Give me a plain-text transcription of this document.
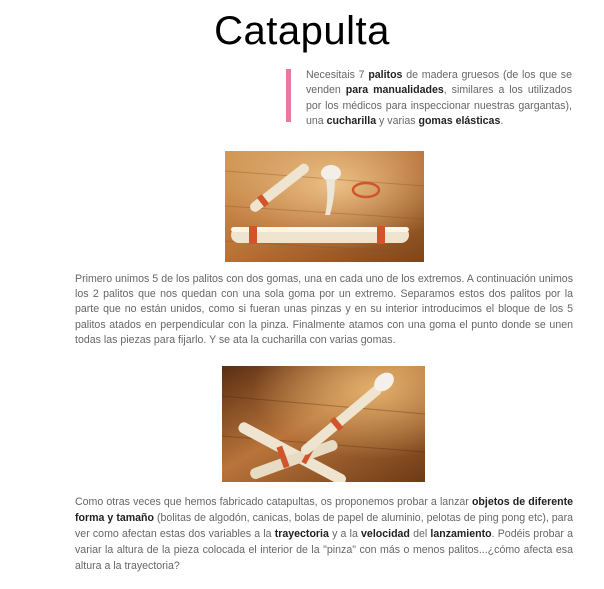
Catapulta
Necesitais 7 palitos de madera gruesos (de los que se venden para manualidades, similares a los utilizados por los médicos para inspeccionar nuestras gargantas), una cucharilla y varias gomas elásticas.
Primero unimos 5 de los palitos con dos gomas, una en cada uno de los extremos. A continuación unimos los 2 palitos que nos quedan con una sola goma por un extremo. Separamos estos dos palitos por la parte que no están unidos, como si fueran unas pinzas y en su interior introducimos el bloque de los 5 palitos atados en perpendicular con la pinza. Finalmente atamos con una goma el punto donde se unen todas las piezas para fijarlo. Y se ata la cucharilla con varias gomas.
Como otras veces que hemos fabricado catapultas, os proponemos probar a lanzar objetos de diferente forma y tamaño (bolitas de algodón, canicas, bolas de papel de aluminio, pelotas de ping pong etc), para ver como afectan estas dos variables a la trayectoria y a la velocidad del lanzamiento. Podéis probar a variar la altura de la pieza colocada el interior de la "pinza" con más o menos palitos...¿cómo afecta esa altura a la trayectoria?
